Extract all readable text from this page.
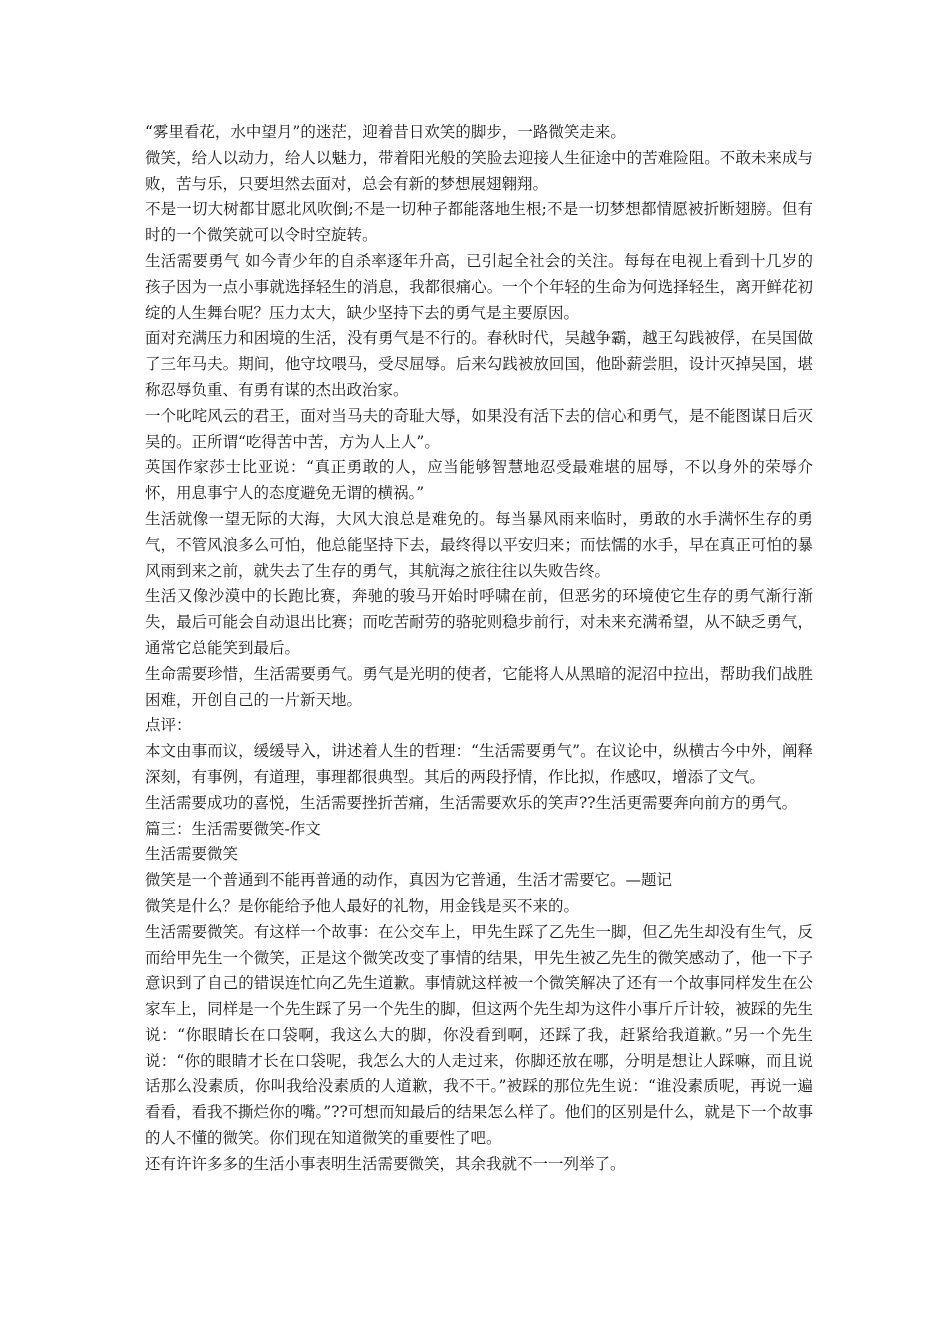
“雾里看花，水中望月”的迷茫，迎着昔日欢笑的脚步，一路微笑走来。

微笑，给人以动力，给人以魅力，带着阳光般的笑脸去迎接人生征途中的苦难险阻。不敢未来成与败，苦与乐，只要坦然去面对，总会有新的梦想展翅翱翔。

不是一切大树都甘愿北风吹倒;不是一切种子都能落地生根;不是一切梦想都情愿被折断翅膀。但有时的一个微笑就可以令时空旋转。

生活需要勇气 如今青少年的自杀率逐年升高，已引起全社会的关注。每每在电视上看到十几岁的孩子因为一点小事就选择轻生的消息，我都很痛心。一个个年轻的生命为何选择轻生，离开鲜花初绽的人生舞台呢？压力太大，缺少坚持下去的勇气是主要原因。

面对充满压力和困境的生活，没有勇气是不行的。春秋时代，吴越争霸，越王勾践被俘，在吴国做了三年马夫。期间，他守坟喂马，受尽屈辱。后来勾践被放回国，他卧薪尝胆，设计灭掉吴国，堪称忍辱负重、有勇有谋的杰出政治家。

一个叱咤风云的君王，面对当马夫的奇耻大辱，如果没有活下去的信心和勇气，是不能图谋日后灭吴的。正所谓“吃得苦中苦，方为人上人”。

英国作家莎士比亚说：“真正勇敢的人，应当能够智慧地忍受最难堪的屈辱，不以身外的荣辱介怀，用息事宁人的态度避免无谓的横祸。”

生活就像一望无际的大海，大风大浪总是难免的。每当暴风雨来临时，勇敢的水手满怀生存的勇气，不管风浪多么可怕，他总能坚持下去，最终得以平安归来；而怯懦的水手，早在真正可怕的暴风雨到来之前，就失去了生存的勇气，其航海之旅往往以失败告终。

生活又像沙漠中的长跑比赛，奔驰的骏马开始时呼啸在前，但恶劣的环境使它生存的勇气渐行渐失，最后可能会自动退出比赛；而吃苦耐劳的骆驼则稳步前行，对未来充满希望，从不缺乏勇气，通常它总能笑到最后。

生命需要珍惜，生活需要勇气。勇气是光明的使者，它能将人从黑暗的泥沼中拉出，帮助我们战胜困难，开创自己的一片新天地。

点评：

本文由事而议，缓缓导入，讲述着人生的哲理：“生活需要勇气”。在议论中，纵横古今中外，阐释深刻，有事例，有道理，事理都很典型。其后的两段抒情，作比拟，作感叹，增添了文气。

生活需要成功的喜悦，生活需要挫折苦痛，生活需要欢乐的笑声??生活更需要奔向前方的勇气。

篇三：生活需要微笑-作文

生活需要微笑

微笑是一个普通到不能再普通的动作，真因为它普通，生活才需要它。—题记

微笑是什么？是你能给予他人最好的礼物，用金钱是买不来的。

生活需要微笑。有这样一个故事：在公交车上，甲先生踩了乙先生一脚，但乙先生却没有生气，反而给甲先生一个微笑，正是这个微笑改变了事情的结果，甲先生被乙先生的微笑感动了，他一下子意识到了自己的错误连忙向乙先生道歉。事情就这样被一个微笑解决了还有一个故事同样发生在公家车上，同样是一个先生踩了另一个先生的脚，但这两个先生却为这件小事斤斤计较，被踩的先生说：“你眼睛长在口袋啊，我这么大的脚，你没看到啊，还踩了我，赶紧给我道歉。”另一个先生说：“你的眼睛才长在口袋呢，我怎么大的人走过来，你脚还放在哪，分明是想让人踩嘛，而且说话那么没素质，你叫我给没素质的人道歉，我不干。”被踩的那位先生说：“谁没素质呢，再说一遍看看，看我不撕烂你的嘴。”??可想而知最后的结果怎么样了。他们的区别是什么，就是下一个故事的人不懂的微笑。你们现在知道微笑的重要性了吧。

还有许许多多的生活小事表明生活需要微笑，其余我就不一一列举了。
